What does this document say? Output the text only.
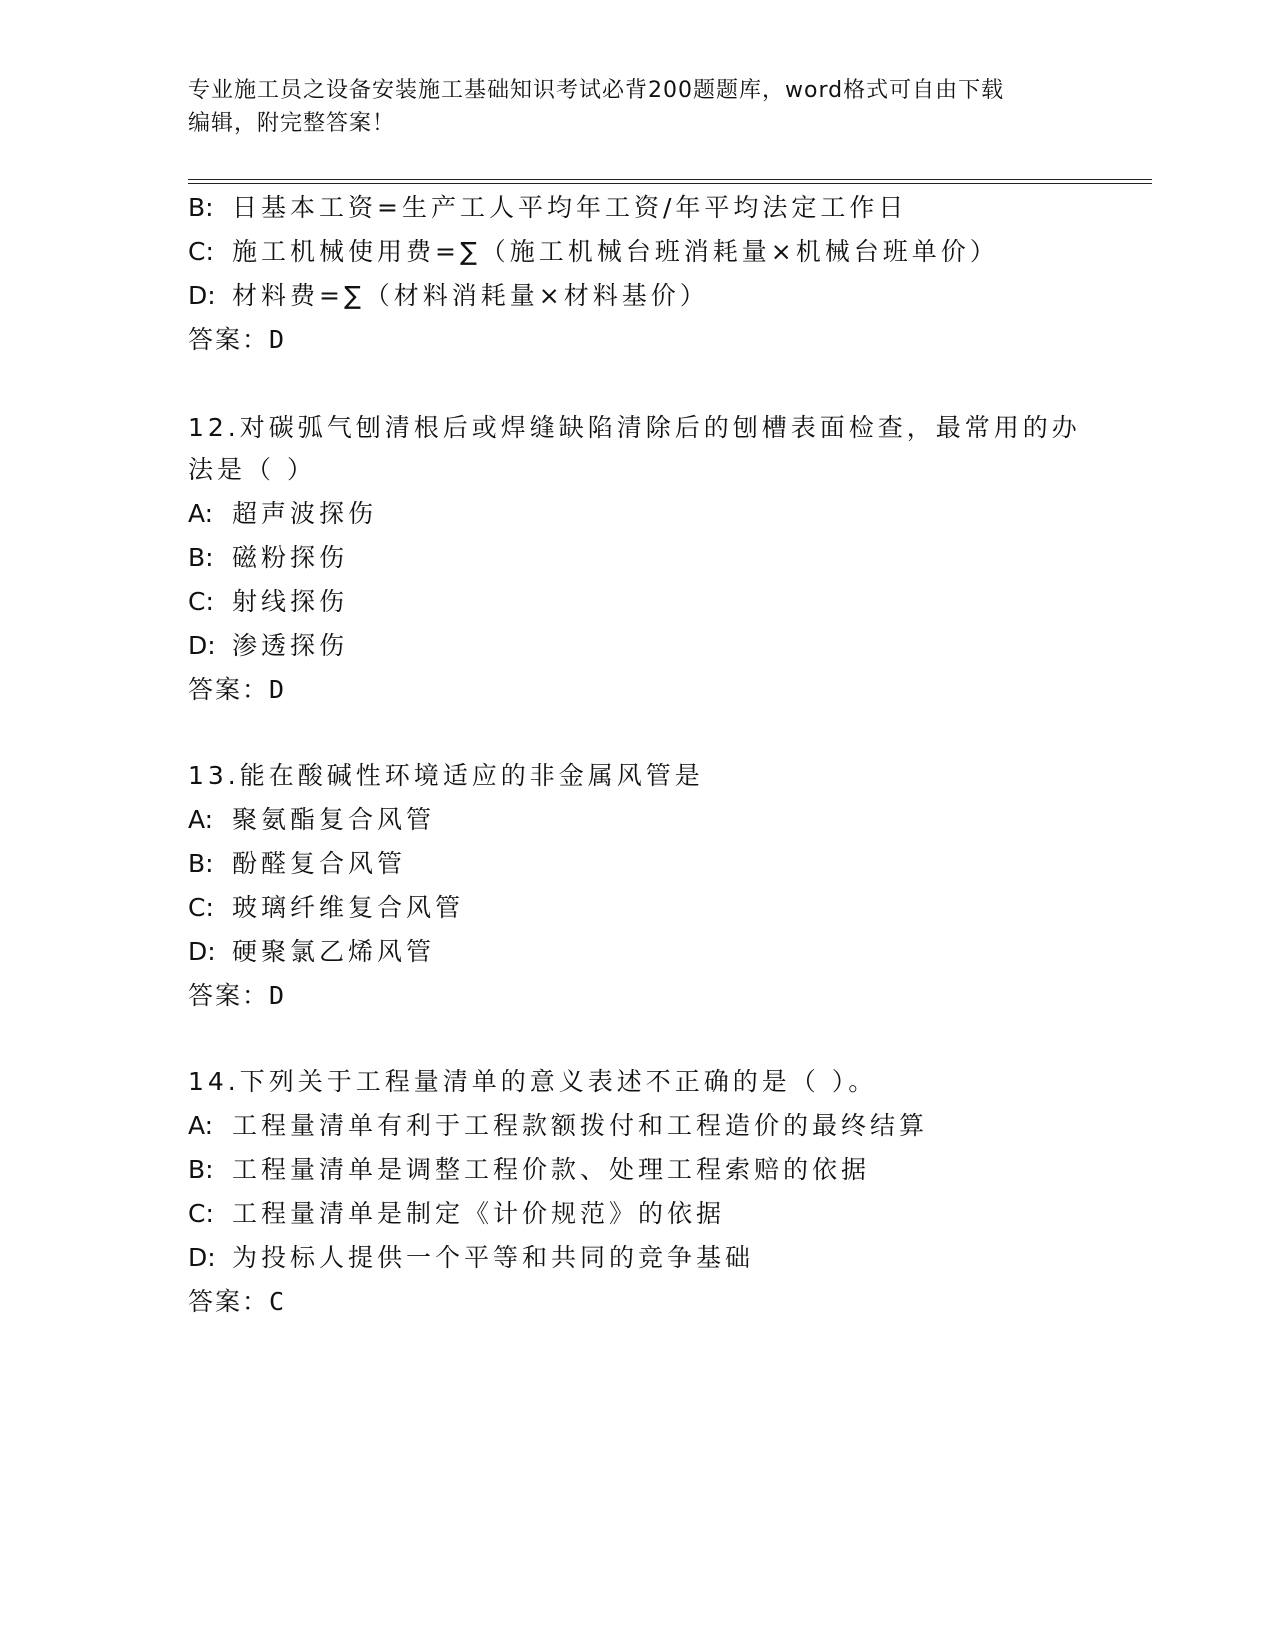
专业施工员之设备安装施工基础知识考试必背200题题库，word格式可自由下载
编辑，附完整答案！
B: 日基本工资=生产工人平均年工资/年平均法定工作日
C: 施工机械使用费=∑（施工机械台班消耗量×机械台班单价）
D: 材料费=∑（材料消耗量×材料基价）
答案：D
12.对碳弧气刨清根后或焊缝缺陷清除后的刨槽表面检查，最常用的办
法是（ ）
A: 超声波探伤
B: 磁粉探伤
C: 射线探伤
D: 渗透探伤
答案：D
13.能在酸碱性环境适应的非金属风管是
A: 聚氨酯复合风管
B: 酚醛复合风管
C: 玻璃纤维复合风管
D: 硬聚氯乙烯风管
答案：D
14.下列关于工程量清单的意义表述不正确的是（ ）。
A: 工程量清单有利于工程款额拨付和工程造价的最终结算
B: 工程量清单是调整工程价款、处理工程索赔的依据
C: 工程量清单是制定《计价规范》的依据
D: 为投标人提供一个平等和共同的竞争基础
答案：C
